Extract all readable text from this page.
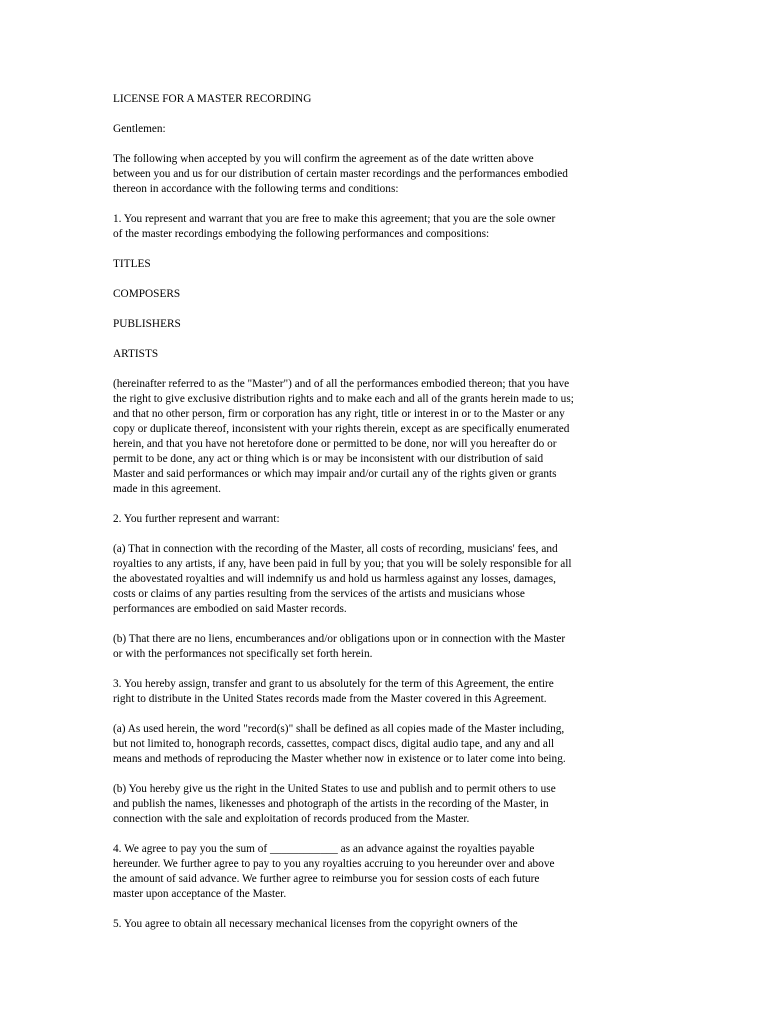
LICENSE FOR A MASTER RECORDING
Gentlemen:
The following when accepted by you will confirm the agreement as of the date written above
between you and us for our distribution of certain master recordings and the performances embodied
thereon in accordance with the following terms and conditions:
1. You represent and warrant that you are free to make this agreement; that you are the sole owner
of the master recordings embodying the following performances and compositions:
TITLES
COMPOSERS
PUBLISHERS
ARTISTS
(hereinafter referred to as the "Master") and of all the performances embodied thereon; that you have
the right to give exclusive distribution rights and to make each and all of the grants herein made to us;
and that no other person, firm or corporation has any right, title or interest in or to the Master or any
copy or duplicate thereof, inconsistent with your rights therein, except as are specifically enumerated
herein, and that you have not heretofore done or permitted to be done, nor will you hereafter do or
permit to be done, any act or thing which is or may be inconsistent with our distribution of said
Master and said performances or which may impair and/or curtail any of the rights given or grants
made in this agreement.
2. You further represent and warrant:
(a) That in connection with the recording of the Master, all costs of recording, musicians' fees, and
royalties to any artists, if any, have been paid in full by you; that you will be solely responsible for all
the abovestated royalties and will indemnify us and hold us harmless against any losses, damages,
costs or claims of any parties resulting from the services of the artists and musicians whose
performances are embodied on said Master records.
(b) That there are no liens, encumberances and/or obligations upon or in connection with the Master
or with the performances not specifically set forth herein.
3. You hereby assign, transfer and grant to us absolutely for the term of this Agreement, the entire
right to distribute in the United States records made from the Master covered in this Agreement.
(a) As used herein, the word "record(s)" shall be defined as all copies made of the Master including,
but not limited to, honograph records, cassettes, compact discs, digital audio tape, and any and all
means and methods of reproducing the Master whether now in existence or to later come into being.
(b) You hereby give us the right in the United States to use and publish and to permit others to use
and publish the names, likenesses and photograph of the artists in the recording of the Master, in
connection with the sale and exploitation of records produced from the Master.
4. We agree to pay you the sum of ____________ as an advance against the royalties payable
hereunder. We further agree to pay to you any royalties accruing to you hereunder over and above
the amount of said advance. We further agree to reimburse you for session costs of each future
master upon acceptance of the Master.
5. You agree to obtain all necessary mechanical licenses from the copyright owners of the
